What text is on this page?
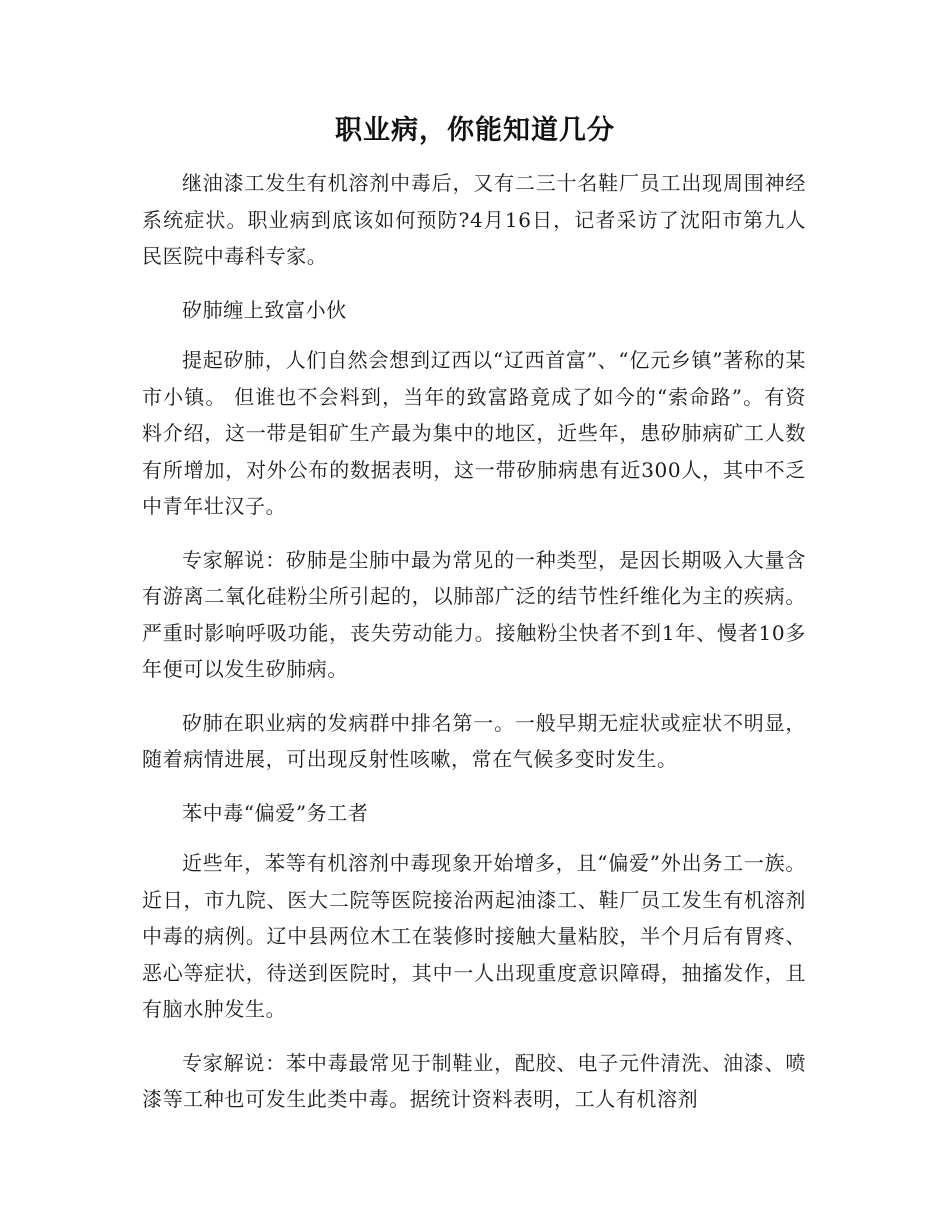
职业病，你能知道几分

继油漆工发生有机溶剂中毒后，又有二三十名鞋厂员工出现周围神经系统症状。职业病到底该如何预防?4月16日，记者采访了沈阳市第九人民医院中毒科专家。

矽肺缠上致富小伙

提起矽肺，人们自然会想到辽西以“辽西首富”、“亿元乡镇”著称的某市小镇。 但谁也不会料到，当年的致富路竟成了如今的“索命路”。有资料介绍，这一带是钼矿生产最为集中的地区，近些年，患矽肺病矿工人数有所增加，对外公布的数据表明，这一带矽肺病患有近300人，其中不乏中青年壮汉子。

专家解说：矽肺是尘肺中最为常见的一种类型，是因长期吸入大量含有游离二氧化硅粉尘所引起的，以肺部广泛的结节性纤维化为主的疾病。严重时影响呼吸功能，丧失劳动能力。接触粉尘快者不到1年、慢者10多年便可以发生矽肺病。

矽肺在职业病的发病群中排名第一。一般早期无症状或症状不明显，随着病情进展，可出现反射性咳嗽，常在气候多变时发生。

苯中毒“偏爱”务工者

近些年，苯等有机溶剂中毒现象开始增多，且“偏爱”外出务工一族。近日，市九院、医大二院等医院接治两起油漆工、鞋厂员工发生有机溶剂中毒的病例。辽中县两位木工在装修时接触大量粘胶，半个月后有胃疼、恶心等症状，待送到医院时，其中一人出现重度意识障碍，抽搐发作，且有脑水肿发生。

专家解说：苯中毒最常见于制鞋业，配胶、电子元件清洗、油漆、喷漆等工种也可发生此类中毒。据统计资料表明，工人有机溶剂
